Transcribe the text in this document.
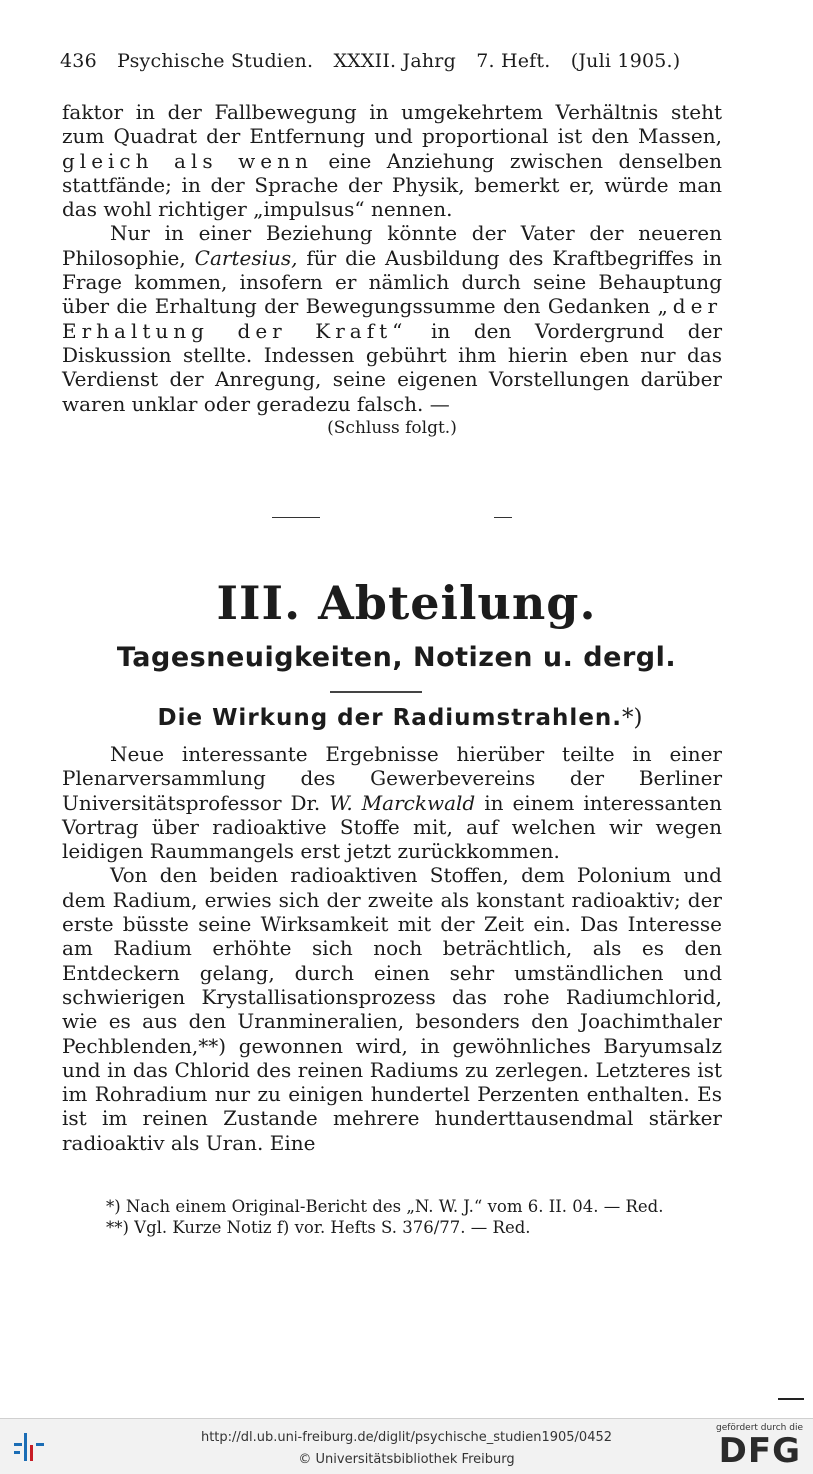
436 Psychische Studien. XXXII. Jahrg 7. Heft. (Juli 1905.)

faktor in der Fallbewegung in umgekehrtem Verhältnis steht zum Quadrat der Entfernung und proportional ist den Massen, gleich als wenn eine Anziehung zwischen denselben stattfände; in der Sprache der Physik, bemerkt er, würde man das wohl richtiger „impulsus“ nennen.

Nur in einer Beziehung könnte der Vater der neueren Philosophie, Cartesius, für die Ausbildung des Kraftbegriffes in Frage kommen, insofern er nämlich durch seine Behauptung über die Erhaltung der Bewegungssumme den Gedanken „der Erhaltung der Kraft“ in den Vordergrund der Diskussion stellte. Indessen gebührt ihm hierin eben nur das Verdienst der Anregung, seine eigenen Vorstellungen darüber waren unklar oder geradezu falsch. —

(Schluss folgt.)

III. Abteilung.
Tagesneuigkeiten, Notizen u. dergl.
Die Wirkung der Radiumstrahlen.*)

Neue interessante Ergebnisse hierüber teilte in einer Plenarversammlung des Gewerbevereins der Berliner Universitätsprofessor Dr. W. Marckwald in einem interessanten Vortrag über radioaktive Stoffe mit, auf welchen wir wegen leidigen Raummangels erst jetzt zurückkommen.

Von den beiden radioaktiven Stoffen, dem Polonium und dem Radium, erwies sich der zweite als konstant radioaktiv; der erste büsste seine Wirksamkeit mit der Zeit ein. Das Interesse am Radium erhöhte sich noch beträchtlich, als es den Entdeckern gelang, durch einen sehr umständlichen und schwierigen Krystallisationsprozess das rohe Radiumchlorid, wie es aus den Uranmineralien, besonders den Joachimthaler Pechblenden,**) gewonnen wird, in gewöhnliches Baryumsalz und in das Chlorid des reinen Radiums zu zerlegen. Letzteres ist im Rohradium nur zu einigen hundertel Perzenten enthalten. Es ist im reinen Zustande mehrere hunderttausendmal stärker radioaktiv als Uran. Eine

*) Nach einem Original-Bericht des „N. W. J.“ vom 6. II. 04. — Red.

**) Vgl. Kurze Notiz f) vor. Hefts S. 376/77. — Red.

http://dl.ub.uni-freiburg.de/diglit/psychische_studien1905/0452
© Universitätsbibliothek Freiburg
gefördert durch die
DFG
